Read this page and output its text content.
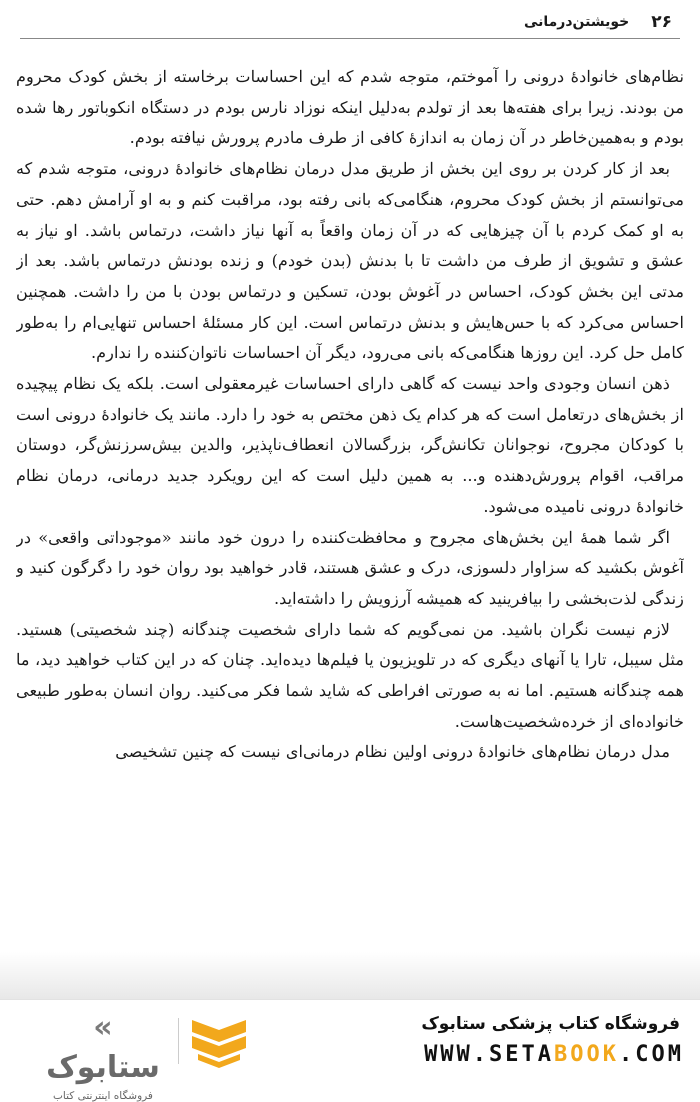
۲۶
خویشتن‌درمانی

نظام‌های خانوادهٔ درونی را آموختم، متوجه شدم که این احساسات برخاسته از بخش کودک محروم من بودند. زیرا برای هفته‌ها بعد از تولدم به‌دلیل اینکه نوزاد نارس بودم در دستگاه انکوباتور رها شده بودم و به‌همین‌خاطر در آن زمان به اندازهٔ کافی از طرف مادرم پرورش نیافته بودم.

بعد از کار کردن بر روی این بخش از طریق مدل درمان نظام‌های خانوادهٔ درونی، متوجه شدم که می‌توانستم از بخش کودک محروم، هنگامی‌که بانی رفته بود، مراقبت کنم و به او آرامش دهم. حتی به او کمک کردم با آن چیزهایی که در آن زمان واقعاً به آنها نیاز داشت، درتماس باشد. او نیاز به عشق و تشویق از طرف من داشت تا با بدنش (بدن خودم) و زنده بودنش درتماس باشد. بعد از مدتی این بخش کودک، احساس در آغوش بودن، تسکین و درتماس بودن با من را داشت. همچنین احساس می‌کرد که با حس‌هایش و بدنش درتماس است. این کار مسئلهٔ احساس تنهایی‌ام را به‌طور کامل حل کرد. این روزها هنگامی‌که بانی می‌رود، دیگر آن احساسات ناتوان‌کننده را ندارم.

ذهن انسان وجودی واحد نیست که گاهی دارای احساسات غیرمعقولی است. بلکه یک نظام پیچیده از بخش‌های درتعامل است که هر کدام یک ذهن مختص به خود را دارد. مانند یک خانوادهٔ درونی است با کودکان مجروح، نوجوانان تکانش‌گر، بزرگسالان انعطاف‌ناپذیر، والدین بیش‌سرزنش‌گر، دوستان مراقب، اقوام پرورش‌دهنده و... به همین دلیل است که این رویکرد جدید درمانی، درمان نظام خانوادهٔ درونی نامیده می‌شود.

اگر شما همهٔ این بخش‌های مجروح و محافظت‌کننده را درون خود مانند «موجوداتی واقعی» در آغوش بکشید که سزاوار دلسوزی، درک و عشق هستند، قادر خواهید بود روان خود را دگرگون کنید و زندگی لذت‌بخشی را بیافرینید که همیشه آرزویش را داشته‌اید.

لازم نیست نگران باشید. من نمی‌گویم که شما دارای شخصیت چندگانه (چند شخصیتی) هستید. مثل سیبل، تارا یا آنهای دیگری که در تلویزیون یا فیلم‌ها دیده‌اید. چنان که در این کتاب خواهید دید، ما همه چندگانه هستیم. اما نه به صورتی افراطی که شاید شما فکر می‌کنید. روان انسان به‌طور طبیعی خانواده‌ای از خرده‌شخصیت‌هاست.

مدل درمان نظام‌های خانوادهٔ درونی اولین نظام درمانی‌ای نیست که چنین تشخیصی

« ستابوک
فروشگاه اینترنتی کتاب
فروشگاه کتاب پزشکی ستابوک
WWW.SETABOOK.COM
